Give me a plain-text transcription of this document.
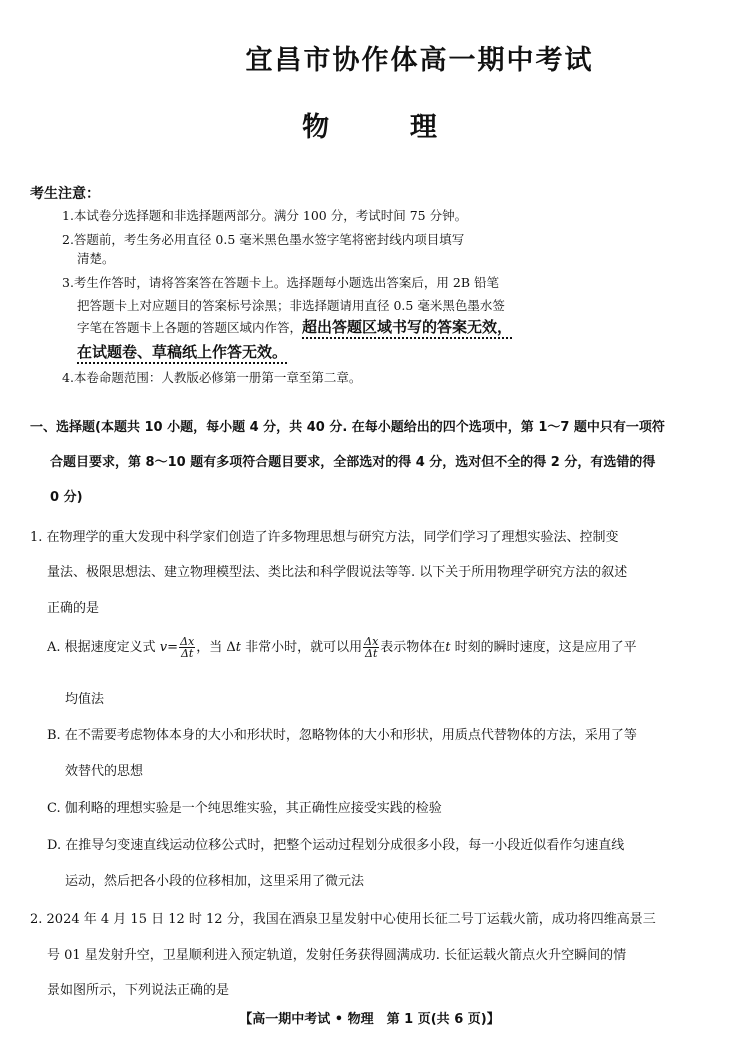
宜昌市协作体高一期中考试
物	理
考生注意：
1.本试卷分选择题和非选择题两部分。满分 100 分，考试时间 75 分钟。
2.答题前，考生务必用直径 0.5 毫米黑色墨水签字笔将密封线内项目填写
清楚。
3.考生作答时，请将答案答在答题卡上。选择题每小题选出答案后，用 2B 铅笔
把答题卡上对应题目的答案标号涂黑；非选择题请用直径 0.5 毫米黑色墨水签
字笔在答题卡上各题的答题区域内作答，超出答题区域书写的答案无效，
在试题卷、草稿纸上作答无效。
4.本卷命题范围：人教版必修第一册第一章至第二章。
一、选择题(本题共 10 小题，每小题 4 分，共 40 分. 在每小题给出的四个选项中，第 1～7 题中只有一项符
合题目要求，第 8～10 题有多项符合题目要求，全部选对的得 4 分，选对但不全的得 2 分，有选错的得
0 分)
1. 在物理学的重大发现中科学家们创造了许多物理思想与研究方法，同学们学习了理想实验法、控制变
量法、极限思想法、建立物理模型法、类比法和科学假说法等等. 以下关于所用物理学研究方法的叙述
正确的是
A. 根据速度定义式 $v= \frac{\Delta x}{\Delta t}$ ，当 Δt 非常小时，就可以用 $\frac{\Delta x}{\Delta t}$ 表示物体在t 时刻的瞬时速度，这是应用了平
均值法
B. 在不需要考虑物体本身的大小和形状时，忽略物体的大小和形状，用质点代替物体的方法，采用了等
效替代的思想
C. 伽利略的理想实验是一个纯思维实验，其正确性应接受实践的检验
D. 在推导匀变速直线运动位移公式时，把整个运动过程划分成很多小段，每一小段近似看作匀速直线
运动，然后把各小段的位移相加，这里采用了微元法
2. 2024 年 4 月 15 日 12 时 12 分，我国在酒泉卫星发射中心使用长征二号丁运载火箭，成功将四维高景三
号 01 星发射升空，卫星顺利进入预定轨道，发射任务获得圆满成功. 长征运载火箭点火升空瞬间的情
景如图所示，下列说法正确的是
【高一期中考试 • 物理　第 1 页(共 6 页)】
